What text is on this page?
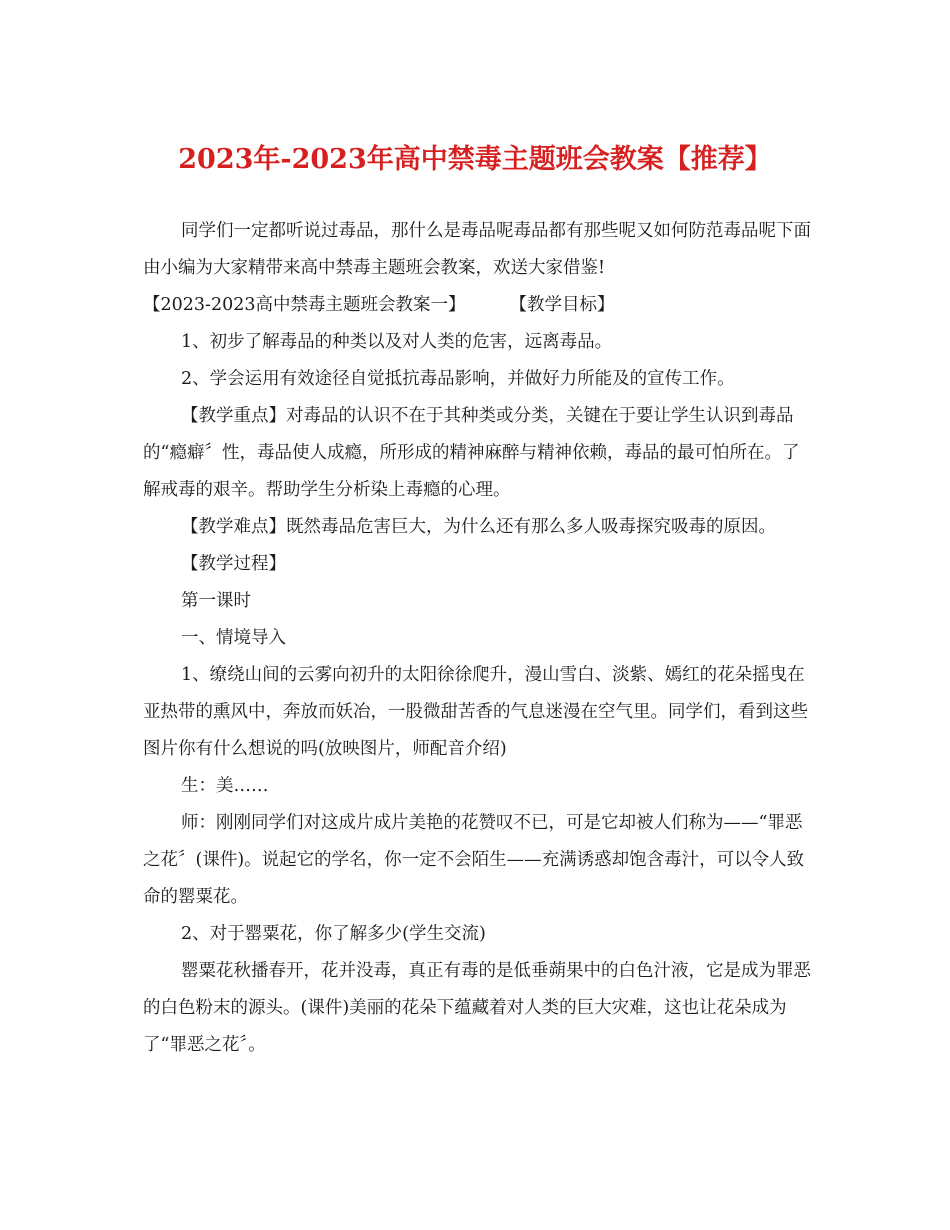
2023年-2023年高中禁毒主题班会教案【推荐】

同学们一定都听说过毒品，那什么是毒品呢毒品都有那些呢又如何防范毒品呢下面由小编为大家精带来高中禁毒主题班会教案，欢送大家借鉴!

【2023-2023高中禁毒主题班会教案一】	【教学目标】

1、初步了解毒品的种类以及对人类的危害，远离毒品。

2、学会运用有效途径自觉抵抗毒品影响，并做好力所能及的宣传工作。

【教学重点】对毒品的认识不在于其种类或分类，关键在于要让学生认识到毒品的“瘾癖〞性，毒品使人成瘾，所形成的精神麻醉与精神依赖，毒品的最可怕所在。了解戒毒的艰辛。帮助学生分析染上毒瘾的心理。

【教学难点】既然毒品危害巨大，为什么还有那么多人吸毒探究吸毒的原因。

【教学过程】

第一课时

一、情境导入

1、缭绕山间的云雾向初升的太阳徐徐爬升，漫山雪白、淡紫、嫣红的花朵摇曳在亚热带的熏风中，奔放而妖冶，一股微甜苦香的气息迷漫在空气里。同学们，看到这些图片你有什么想说的吗(放映图片，师配音介绍)

生：美……

师：刚刚同学们对这成片成片美艳的花赞叹不已，可是它却被人们称为——“罪恶之花〞(课件)。说起它的学名，你一定不会陌生——充满诱惑却饱含毒汁，可以令人致命的罂粟花。

2、对于罂粟花，你了解多少(学生交流)

罂粟花秋播春开，花并没毒，真正有毒的是低垂蒴果中的白色汁液，它是成为罪恶的白色粉末的源头。(课件)美丽的花朵下蕴藏着对人类的巨大灾难，这也让花朵成为了“罪恶之花〞。
